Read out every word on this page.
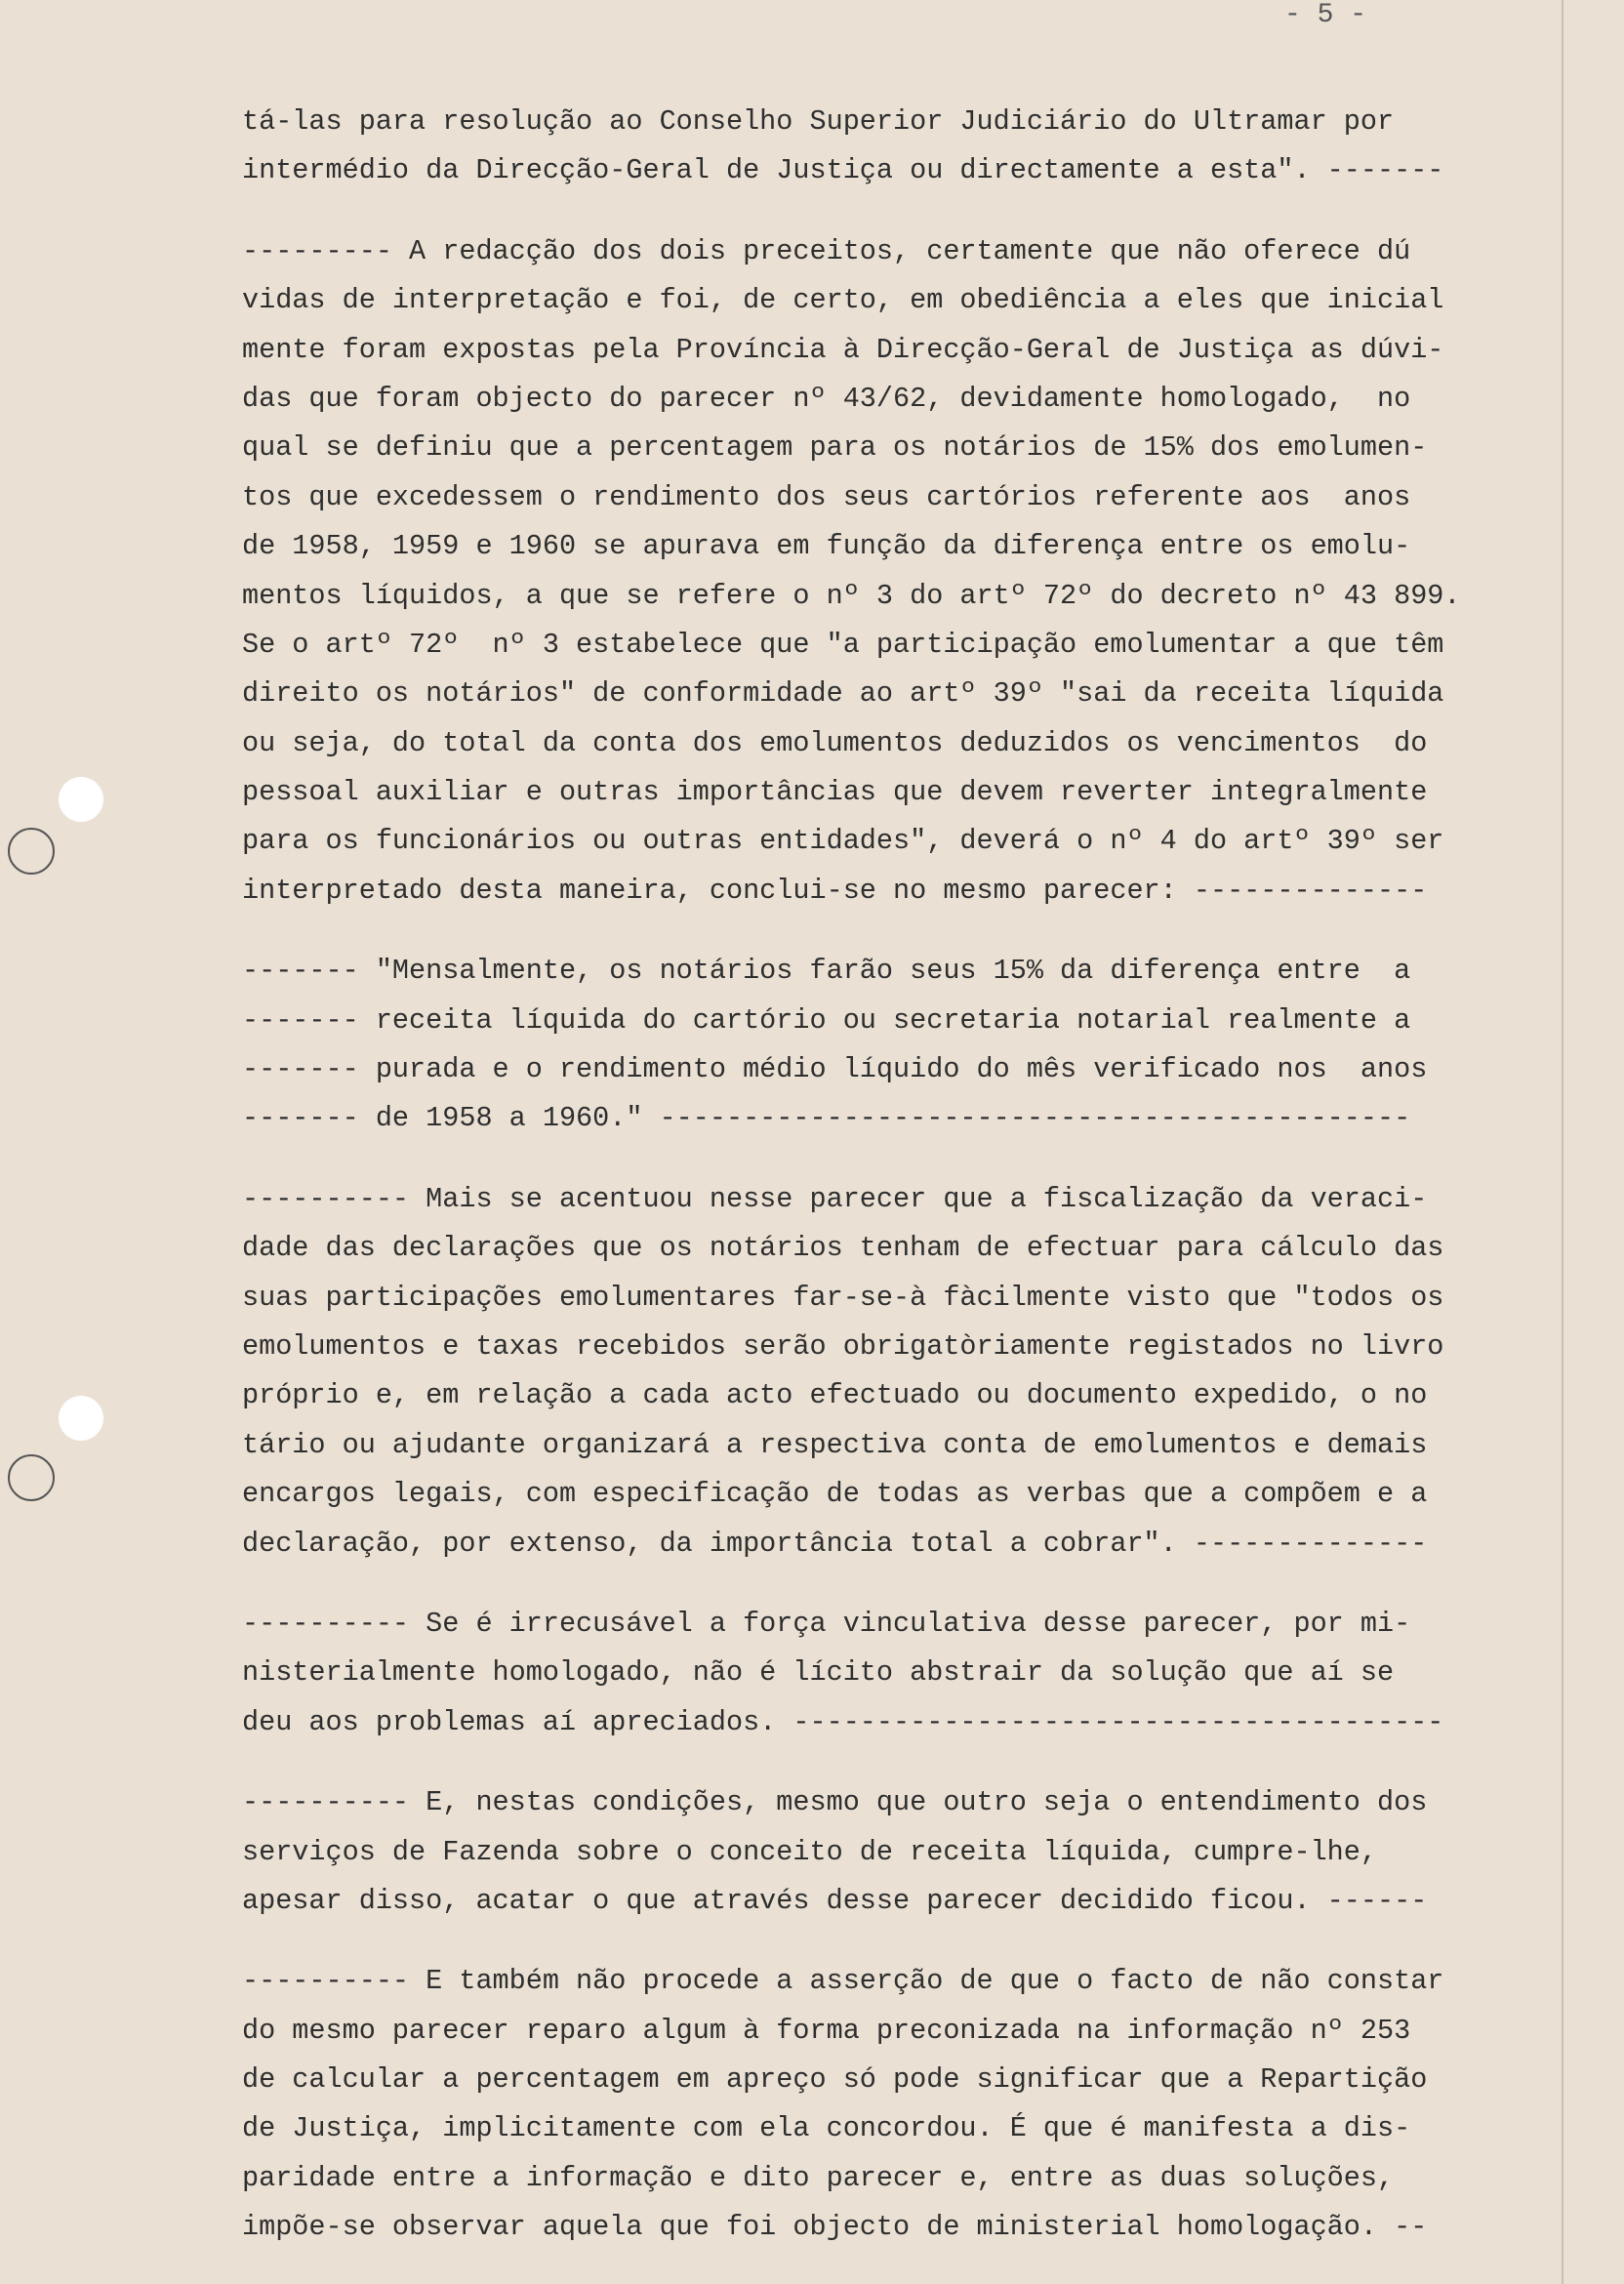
- 5 -
tá-las para resolução ao Conselho Superior Judiciário do Ultramar por
intermédio da Direcção-Geral de Justiça ou directamente a esta". -------
--------- A redacção dos dois preceitos, certamente que não oferece dú
vidas de interpretação e foi, de certo, em obediência a eles que inicial
mente foram expostas pela Província à Direcção-Geral de Justiça as dúvi-
das que foram objecto do parecer nº 43/62, devidamente homologado,  no
qual se definiu que a percentagem para os notários de 15% dos emolumen-
tos que excedessem o rendimento dos seus cartórios referente aos  anos
de 1958, 1959 e 1960 se apurava em função da diferença entre os emolu-
mentos líquidos, a que se refere o nº 3 do artº 72º do decreto nº 43 899.
Se o artº 72º  nº 3 estabelece que "a participação emolumentar a que têm
direito os notários" de conformidade ao artº 39º "sai da receita líquida
ou seja, do total da conta dos emolumentos deduzidos os vencimentos  do
pessoal auxiliar e outras importâncias que devem reverter integralmente
para os funcionários ou outras entidades", deverá o nº 4 do artº 39º ser
interpretado desta maneira, conclui-se no mesmo parecer: --------------
------- "Mensalmente, os notários farão seus 15% da diferença entre  a
------- receita líquida do cartório ou secretaria notarial realmente a
------- purada e o rendimento médio líquido do mês verificado nos  anos
------- de 1958 a 1960." ---------------------------------------------
---------- Mais se acentuou nesse parecer que a fiscalização da veraci-
dade das declarações que os notários tenham de efectuar para cálculo das
suas participações emolumentares far-se-à fàcilmente visto que "todos os
emolumentos e taxas recebidos serão obrigatòriamente registados no livro
próprio e, em relação a cada acto efectuado ou documento expedido, o no
tário ou ajudante organizará a respectiva conta de emolumentos e demais
encargos legais, com especificação de todas as verbas que a compõem e a
declaração, por extenso, da importância total a cobrar". --------------
---------- Se é irrecusável a força vinculativa desse parecer, por mi-
nisterialmente homologado, não é lícito abstrair da solução que aí se
deu aos problemas aí apreciados. ---------------------------------------
---------- E, nestas condições, mesmo que outro seja o entendimento dos
serviços de Fazenda sobre o conceito de receita líquida, cumpre-lhe,
apesar disso, acatar o que através desse parecer decidido ficou. ------
---------- E também não procede a asserção de que o facto de não constar
do mesmo parecer reparo algum à forma preconizada na informação nº 253
de calcular a percentagem em apreço só pode significar que a Repartição
de Justiça, implicitamente com ela concordou. É que é manifesta a dis-
paridade entre a informação e dito parecer e, entre as duas soluções,
impõe-se observar aquela que foi objecto de ministerial homologação. --
